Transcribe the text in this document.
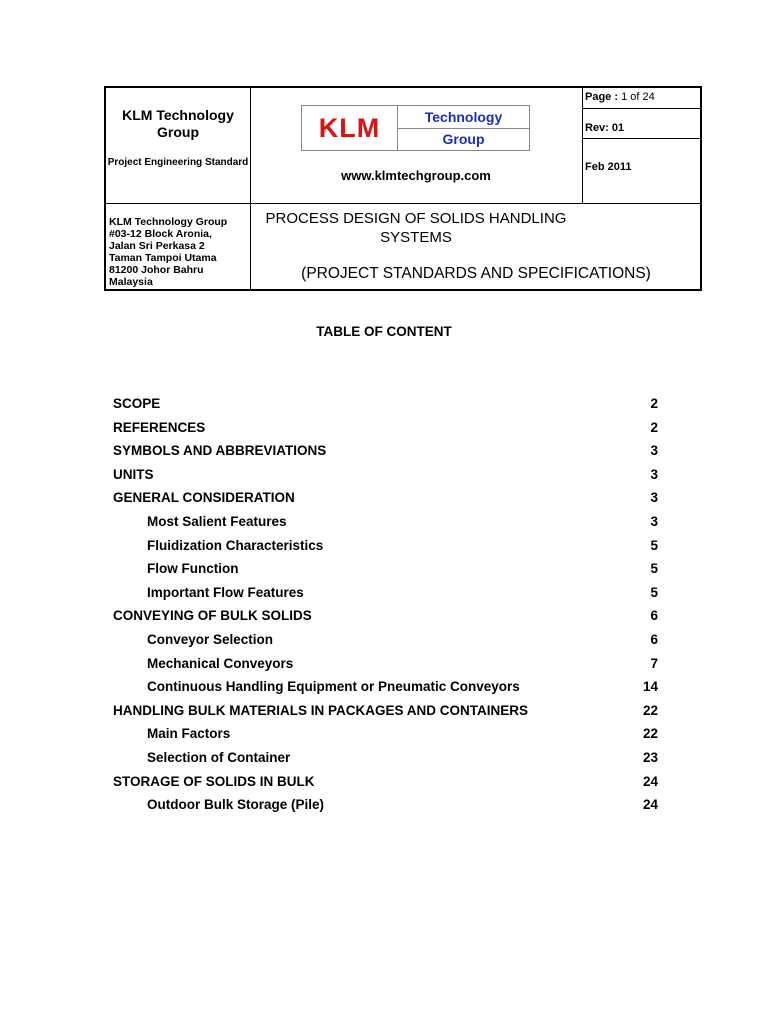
KLM Technology Group
Project Engineering Standard
KLM Technology Group
#03-12 Block Aronia,
Jalan Sri Perkasa 2
Taman Tampoi Utama
81200 Johor Bahru
Malaysia
KLM	Technology
Group
www.klmtechgroup.com
PROCESS DESIGN OF SOLIDS HANDLING
SYSTEMS
(PROJECT STANDARDS AND SPECIFICATIONS)
Page : 1 of 24
Rev: 01
Feb 2011
TABLE OF CONTENT
SCOPE	2
REFERENCES	2
SYMBOLS AND ABBREVIATIONS	3
UNITS	3
GENERAL CONSIDERATION	3
Most Salient Features	3
Fluidization Characteristics	5
Flow Function	5
Important Flow Features	5
CONVEYING OF BULK SOLIDS	6
Conveyor Selection	6
Mechanical Conveyors	7
Continuous Handling Equipment or Pneumatic Conveyors	14
HANDLING BULK MATERIALS IN PACKAGES AND CONTAINERS	22
Main Factors	22
Selection of Container	23
STORAGE OF SOLIDS IN BULK	24
Outdoor Bulk Storage (Pile)	24
